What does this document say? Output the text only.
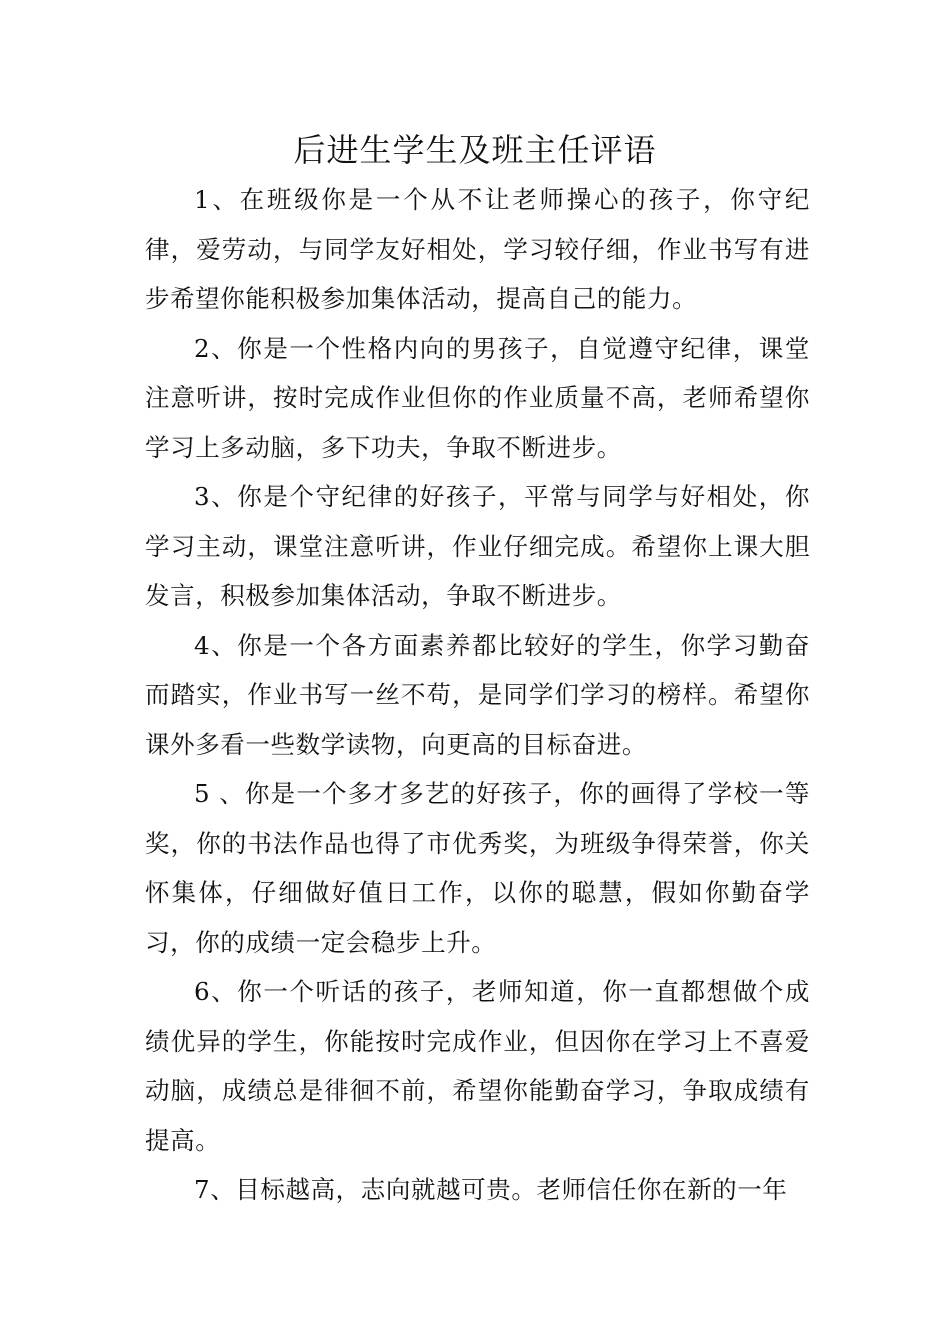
后进生学生及班主任评语

1、在班级你是一个从不让老师操心的孩子，你守纪律，爱劳动，与同学友好相处，学习较仔细，作业书写有进步希望你能积极参加集体活动，提高自己的能力。

2、你是一个性格内向的男孩子，自觉遵守纪律，课堂注意听讲，按时完成作业但你的作业质量不高，老师希望你学习上多动脑，多下功夫，争取不断进步。

3、你是个守纪律的好孩子，平常与同学与好相处，你学习主动，课堂注意听讲，作业仔细完成。希望你上课大胆发言，积极参加集体活动，争取不断进步。

4、你是一个各方面素养都比较好的学生，你学习勤奋而踏实，作业书写一丝不苟，是同学们学习的榜样。希望你课外多看一些数学读物，向更高的目标奋进。

5 、你是一个多才多艺的好孩子，你的画得了学校一等奖，你的书法作品也得了市优秀奖，为班级争得荣誉，你关怀集体，仔细做好值日工作，以你的聪慧，假如你勤奋学习，你的成绩一定会稳步上升。

6、你一个听话的孩子，老师知道，你一直都想做个成绩优异的学生，你能按时完成作业，但因你在学习上不喜爱动脑，成绩总是徘徊不前，希望你能勤奋学习，争取成绩有提高。

7、目标越高，志向就越可贵。老师信任你在新的一年
